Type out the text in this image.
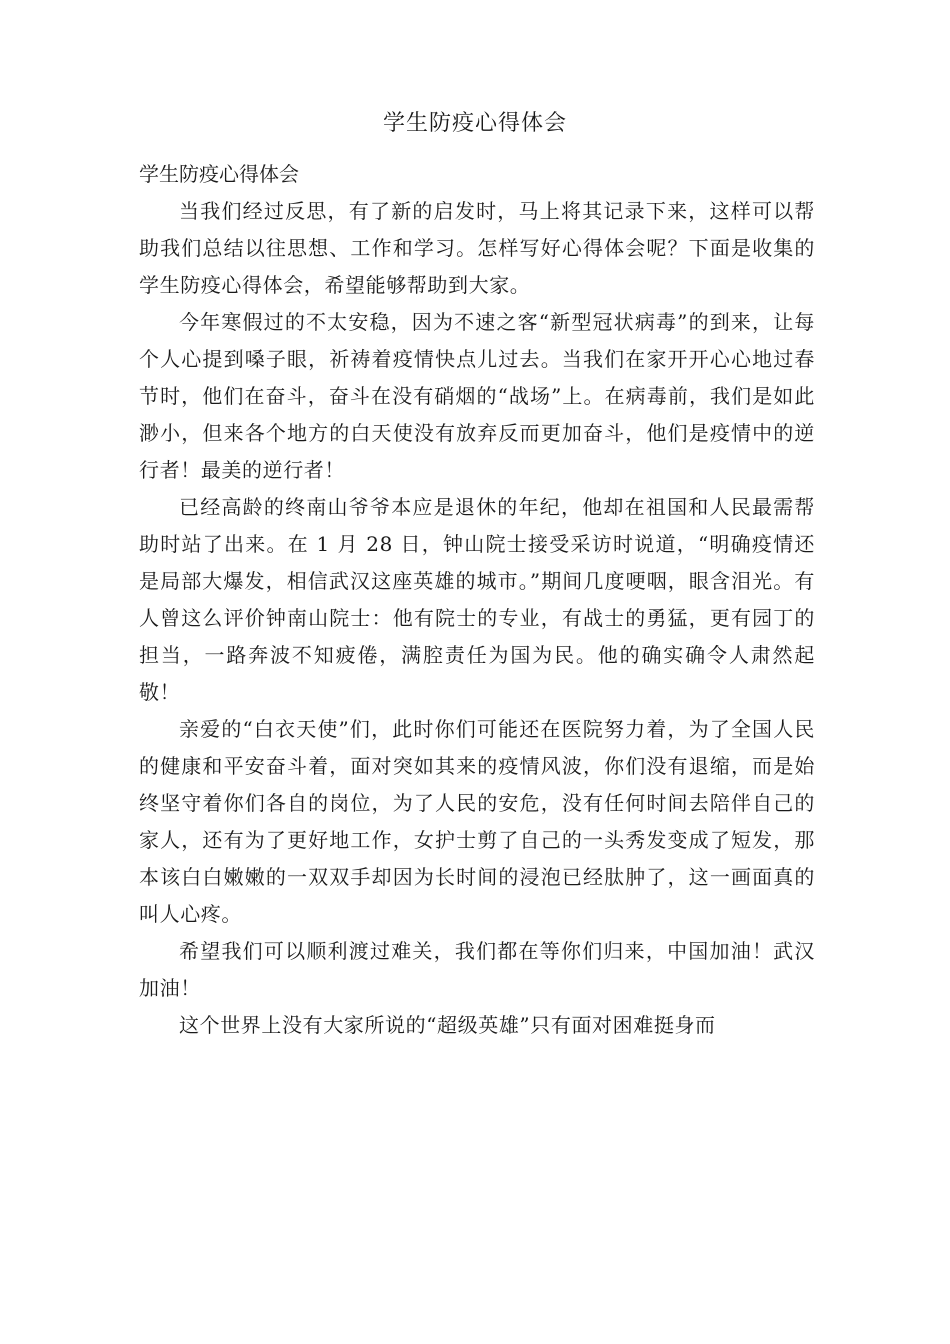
学生防疫心得体会

学生防疫心得体会

当我们经过反思，有了新的启发时，马上将其记录下来，这样可以帮助我们总结以往思想、工作和学习。怎样写好心得体会呢？下面是收集的学生防疫心得体会，希望能够帮助到大家。

今年寒假过的不太安稳，因为不速之客“新型冠状病毒”的到来，让每个人心提到嗓子眼，祈祷着疫情快点儿过去。当我们在家开开心心地过春节时，他们在奋斗，奋斗在没有硝烟的“战场”上。在病毒前，我们是如此渺小，但来各个地方的白天使没有放弃反而更加奋斗，他们是疫情中的逆行者！最美的逆行者！

已经高龄的终南山爷爷本应是退休的年纪，他却在祖国和人民最需帮助时站了出来。在 1 月 28 日，钟山院士接受采访时说道，“明确疫情还是局部大爆发，相信武汉这座英雄的城市。”期间几度哽咽，眼含泪光。有人曾这么评价钟南山院士：他有院士的专业，有战士的勇猛，更有园丁的担当，一路奔波不知疲倦，满腔责任为国为民。他的确实确令人肃然起敬！

亲爱的“白衣天使”们，此时你们可能还在医院努力着，为了全国人民的健康和平安奋斗着，面对突如其来的疫情风波，你们没有退缩，而是始终坚守着你们各自的岗位，为了人民的安危，没有任何时间去陪伴自己的家人，还有为了更好地工作，女护士剪了自己的一头秀发变成了短发，那本该白白嫩嫩的一双双手却因为长时间的浸泡已经肽肿了，这一画面真的叫人心疼。

希望我们可以顺利渡过难关，我们都在等你们归来，中国加油！武汉加油！

这个世界上没有大家所说的“超级英雄”只有面对困难挺身而
